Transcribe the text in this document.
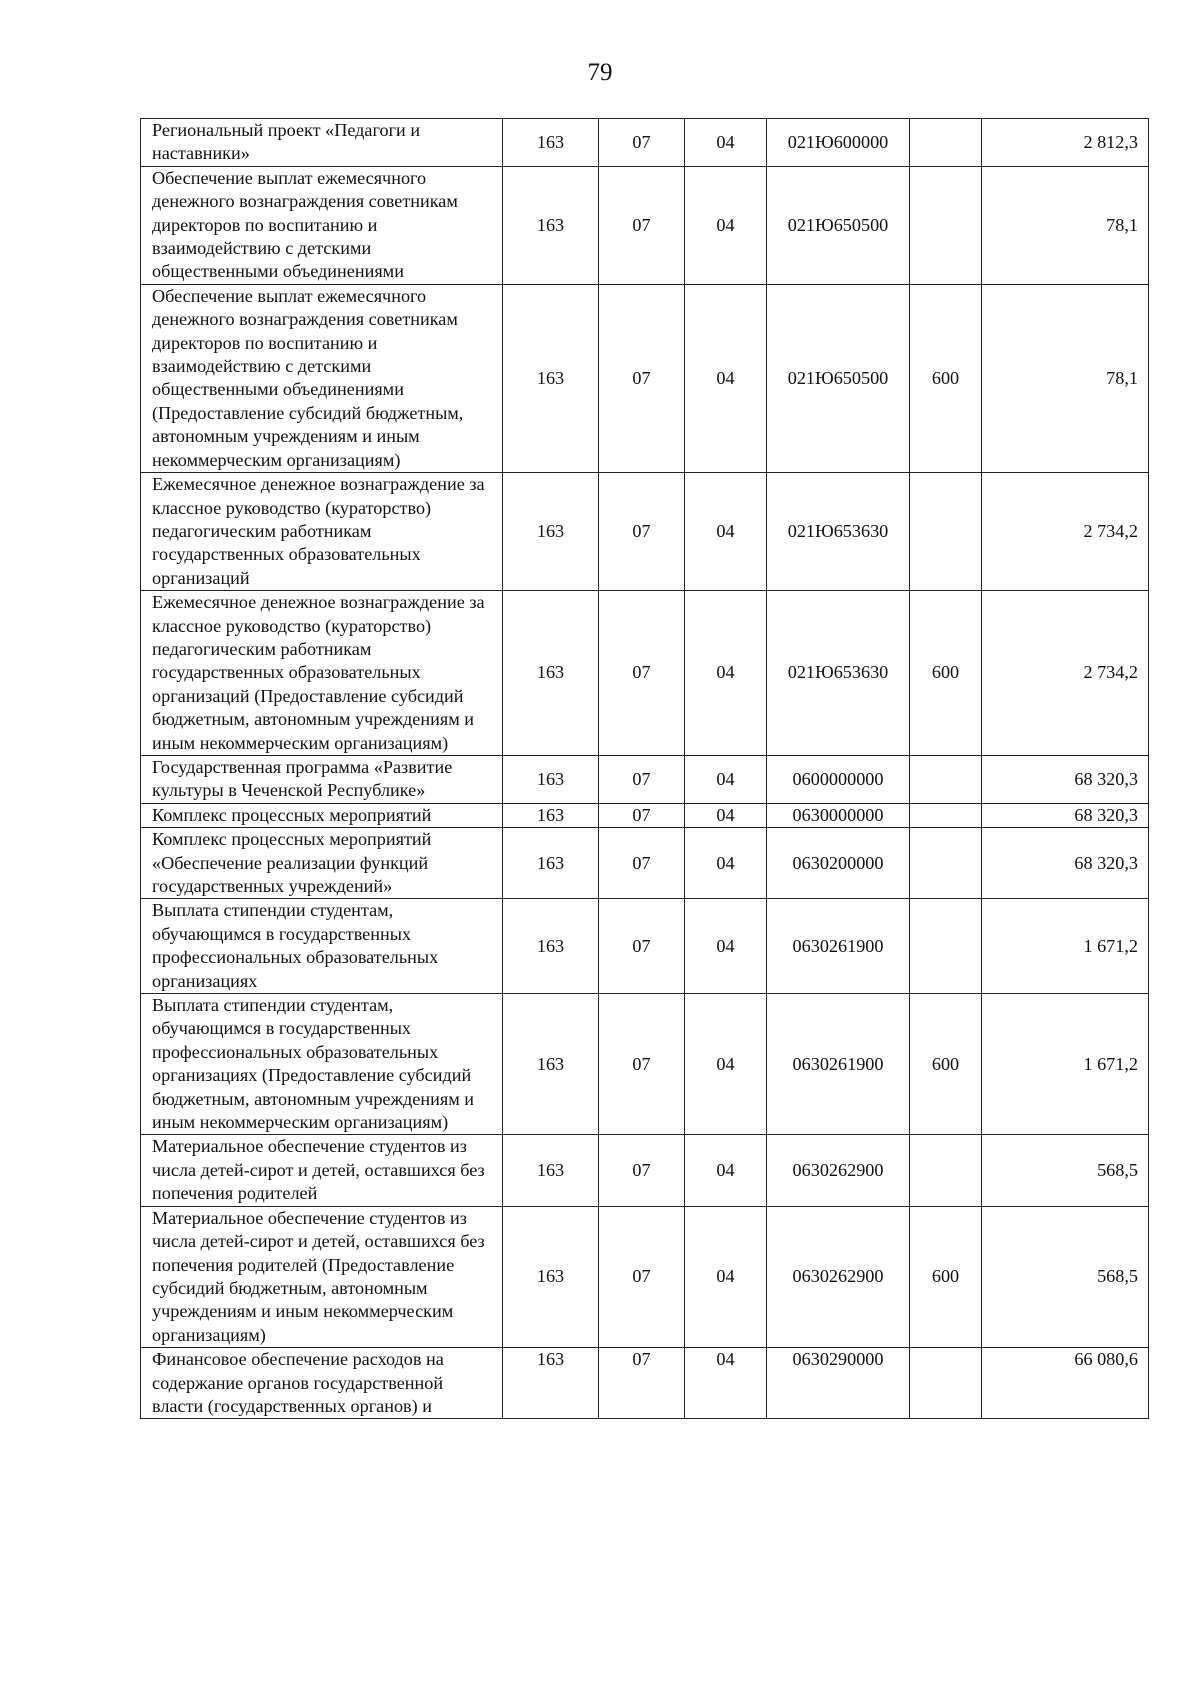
79
Региональный проект «Педагоги и наставники»	163	07	04	021Ю600000		2 812,3
Обеспечение выплат ежемесячного денежного вознаграждения советникам директоров по воспитанию и взаимодействию с детскими общественными объединениями	163	07	04	021Ю650500		78,1
Обеспечение выплат ежемесячного денежного вознаграждения советникам директоров по воспитанию и взаимодействию с детскими общественными объединениями (Предоставление субсидий бюджетным, автономным учреждениям и иным некоммерческим организациям)	163	07	04	021Ю650500	600	78,1
Ежемесячное денежное вознаграждение за классное руководство (кураторство) педагогическим работникам государственных образовательных организаций	163	07	04	021Ю653630		2 734,2
Ежемесячное денежное вознаграждение за классное руководство (кураторство) педагогическим работникам государственных образовательных организаций (Предоставление субсидий бюджетным, автономным учреждениям и иным некоммерческим организациям)	163	07	04	021Ю653630	600	2 734,2
Государственная программа «Развитие культуры в Чеченской Республике»	163	07	04	0600000000		68 320,3
Комплекс процессных мероприятий	163	07	04	0630000000		68 320,3
Комплекс процессных мероприятий «Обеспечение реализации функций государственных учреждений»	163	07	04	0630200000		68 320,3
Выплата стипендии студентам, обучающимся в государственных профессиональных образовательных организациях	163	07	04	0630261900		1 671,2
Выплата стипендии студентам, обучающимся в государственных профессиональных образовательных организациях (Предоставление субсидий бюджетным, автономным учреждениям и иным некоммерческим организациям)	163	07	04	0630261900	600	1 671,2
Материальное обеспечение студентов из числа детей-сирот и детей, оставшихся без попечения родителей	163	07	04	0630262900		568,5
Материальное обеспечение студентов из числа детей-сирот и детей, оставшихся без попечения родителей (Предоставление субсидий бюджетным, автономным учреждениям и иным некоммерческим организациям)	163	07	04	0630262900	600	568,5
Финансовое обеспечение расходов на содержание органов государственной власти (государственных органов) и	163	07	04	0630290000		66 080,6
